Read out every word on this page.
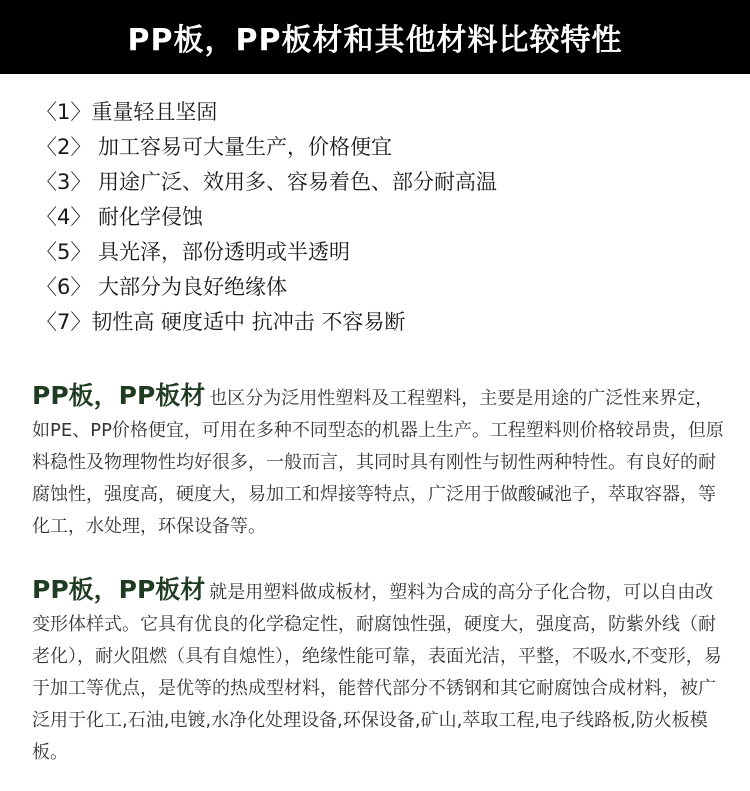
PP板，PP板材和其他材料比较特性
〈1〉重量轻且坚固
〈2〉 加工容易可大量生产，价格便宜
〈3〉 用途广泛、效用多、容易着色、部分耐高温
〈4〉 耐化学侵蚀
〈5〉 具光泽，部份透明或半透明
〈6〉 大部分为良好绝缘体
〈7〉韧性高 硬度适中 抗冲击 不容易断

PP板，PP板材 也区分为泛用性塑料及工程塑料，主要是用途的广泛性来界定，如PE、PP价格便宜，可用在多种不同型态的机器上生产。工程塑料则价格较昂贵，但原料稳性及物理物性均好很多，一般而言，其同时具有刚性与韧性两种特性。有良好的耐腐蚀性，强度高，硬度大，易加工和焊接等特点，广泛用于做酸碱池子，萃取容器，等化工，水处理，环保设备等。

PP板，PP板材 就是用塑料做成板材，塑料为合成的高分子化合物，可以自由改变形体样式。它具有优良的化学稳定性，耐腐蚀性强，硬度大，强度高，防紫外线（耐老化），耐火阻燃（具有自熄性），绝缘性能可靠，表面光洁，平整，不吸水,不变形，易于加工等优点，是优等的热成型材料，能替代部分不锈钢和其它耐腐蚀合成材料，被广泛用于化工,石油,电镀,水净化处理设备,环保设备,矿山,萃取工程,电子线路板,防火板模板。
